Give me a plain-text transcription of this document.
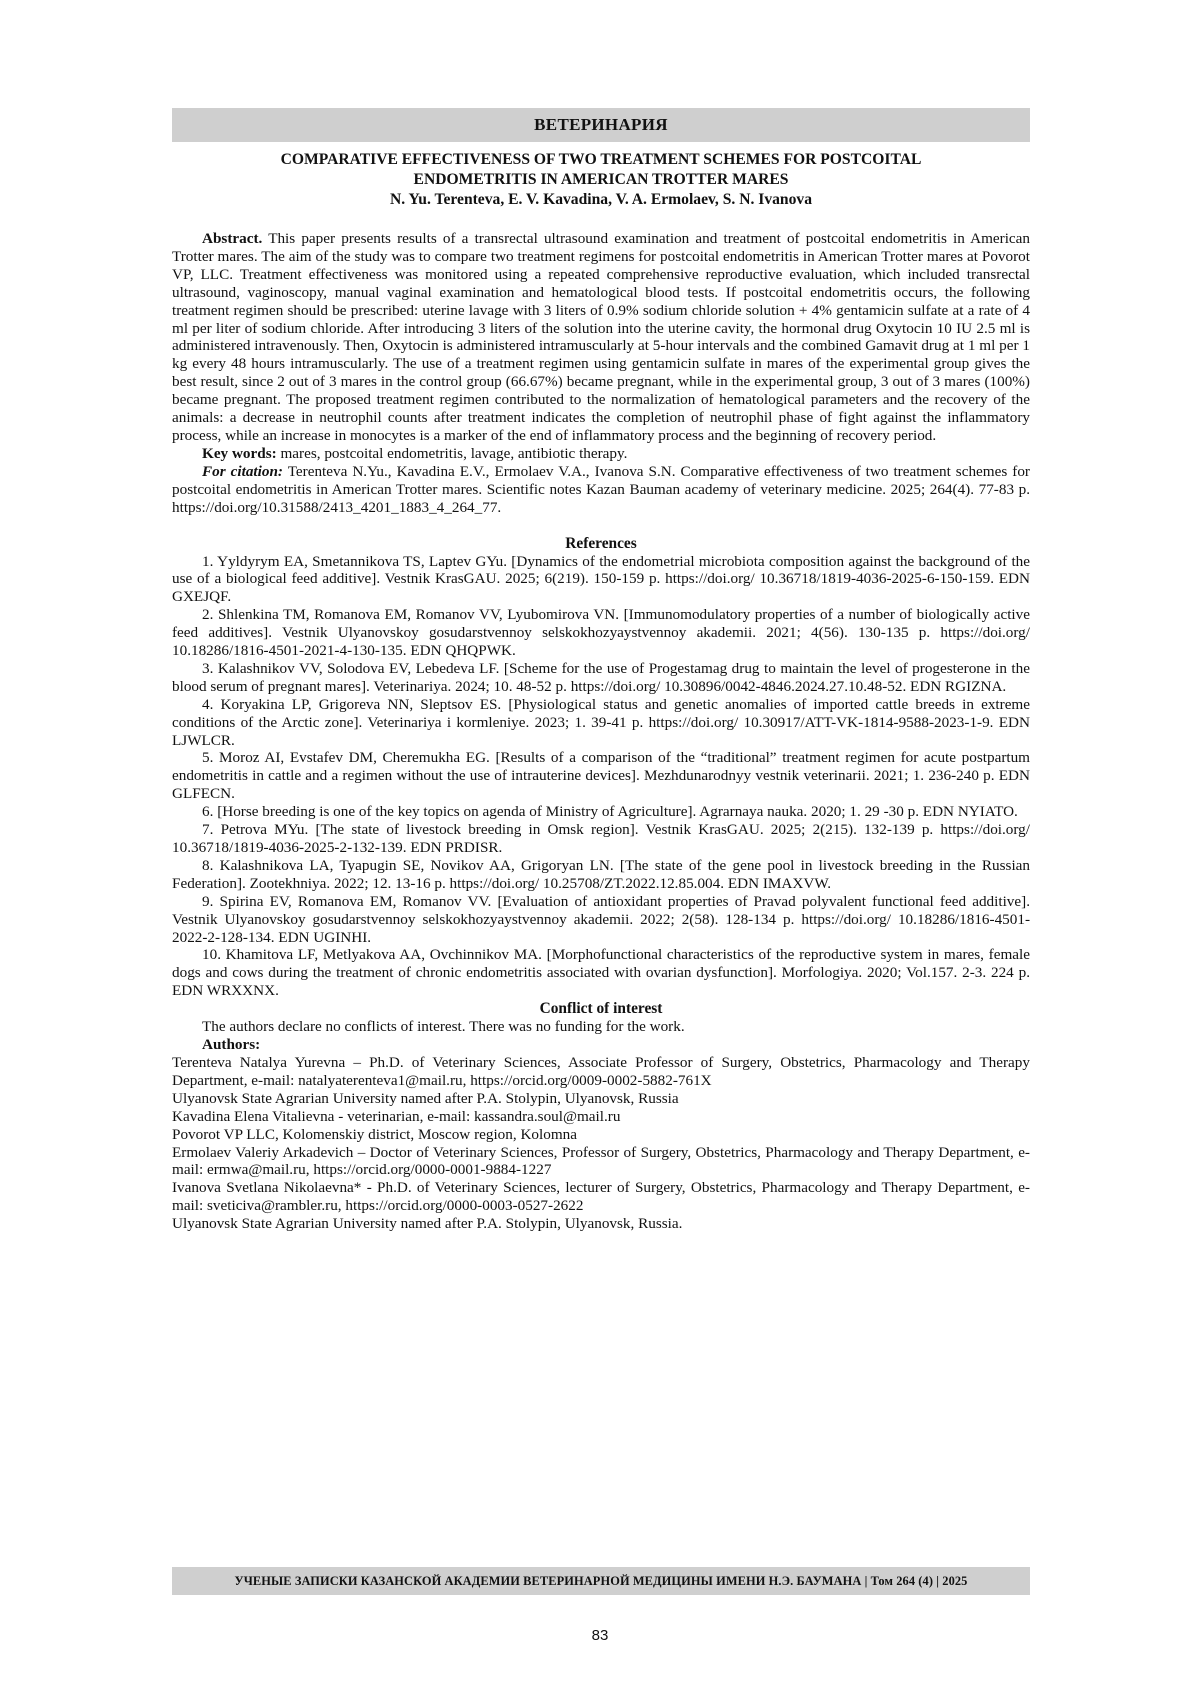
ВЕТЕРИНАРИЯ
COMPARATIVE EFFECTIVENESS OF TWO TREATMENT SCHEMES FOR POSTCOITAL
ENDOMETRITIS IN AMERICAN TROTTER MARES
N. Yu. Terenteva, E. V. Kavadina, V. A. Ermolaev, S. N. Ivanova

Abstract. This paper presents results of a transrectal ultrasound examination and treatment of postcoital endometritis in American Trotter mares. The aim of the study was to compare two treatment regimens for postcoital endometritis in American Trotter mares at Povorot VP, LLC. Treatment effectiveness was monitored using a repeated comprehensive reproductive evaluation, which included transrectal ultrasound, vaginoscopy, manual vaginal examination and hematological blood tests. If postcoital endometritis occurs, the following treatment regimen should be prescribed: uterine lavage with 3 liters of 0.9% sodium chloride solution + 4% gentamicin sulfate at a rate of 4 ml per liter of sodium chloride. After introducing 3 liters of the solution into the uterine cavity, the hormonal drug Oxytocin 10 IU 2.5 ml is administered intravenously. Then, Oxytocin is administered intramuscularly at 5-hour intervals and the combined Gamavit drug at 1 ml per 1 kg every 48 hours intramuscularly. The use of a treatment regimen using gentamicin sulfate in mares of the experimental group gives the best result, since 2 out of 3 mares in the control group (66.67%) became pregnant, while in the experimental group, 3 out of 3 mares (100%) became pregnant. The proposed treatment regimen contributed to the normalization of hematological parameters and the recovery of the animals: a decrease in neutrophil counts after treatment indicates the completion of neutrophil phase of fight against the inflammatory process, while an increase in monocytes is a marker of the end of inflammatory process and the beginning of recovery period.

Key words: mares, postcoital endometritis, lavage, antibiotic therapy.

For citation: Terenteva N.Yu., Kavadina E.V., Ermolaev V.A., Ivanova S.N. Comparative effectiveness of two treatment schemes for postcoital endometritis in American Trotter mares. Scientific notes Kazan Bauman academy of veterinary medicine. 2025; 264(4). 77-83 p. https://doi.org/10.31588/2413_4201_1883_4_264_77.

References

1. Yyldyrym EA, Smetannikova TS, Laptev GYu. [Dynamics of the endometrial microbiota composition against the background of the use of a biological feed additive]. Vestnik KrasGAU. 2025; 6(219). 150-159 p. https://doi.org/ 10.36718/1819-4036-2025-6-150-159. EDN GXEJQF.

2. Shlenkina TM, Romanova EM, Romanov VV, Lyubomirova VN. [Immunomodulatory properties of a number of biologically active feed additives]. Vestnik Ulyanovskoy gosudarstvennoy selskokhozyaystvennoy akademii. 2021; 4(56). 130-135 p. https://doi.org/ 10.18286/1816-4501-2021-4-130-135. EDN QHQPWK.

3. Kalashnikov VV, Solodova EV, Lebedeva LF. [Scheme for the use of Progestamag drug to maintain the level of progesterone in the blood serum of pregnant mares]. Veterinariya. 2024; 10. 48-52 p. https://doi.org/ 10.30896/0042-4846.2024.27.10.48-52. EDN RGIZNA.

4. Koryakina LP, Grigoreva NN, Sleptsov ES. [Physiological status and genetic anomalies of imported cattle breeds in extreme conditions of the Arctic zone]. Veterinariya i kormleniye. 2023; 1. 39-41 p. https://doi.org/ 10.30917/ATT-VK-1814-9588-2023-1-9. EDN LJWLCR.

5. Moroz AI, Evstafev DM, Cheremukha EG. [Results of a comparison of the “traditional” treatment regimen for acute postpartum endometritis in cattle and a regimen without the use of intrauterine devices]. Mezhdunarodnyy vestnik veterinarii. 2021; 1. 236-240 p. EDN GLFECN.

6. [Horse breeding is one of the key topics on agenda of Ministry of Agriculture]. Agrarnaya nauka. 2020; 1. 29 -30 p. EDN NYIATO.

7. Petrova MYu. [The state of livestock breeding in Omsk region]. Vestnik KrasGAU. 2025; 2(215). 132-139 p. https://doi.org/ 10.36718/1819-4036-2025-2-132-139. EDN PRDISR.

8. Kalashnikova LA, Tyapugin SE, Novikov AA, Grigoryan LN. [The state of the gene pool in livestock breeding in the Russian Federation]. Zootekhniya. 2022; 12. 13-16 p. https://doi.org/ 10.25708/ZT.2022.12.85.004. EDN IMAXVW.

9. Spirina EV, Romanova EM, Romanov VV. [Evaluation of antioxidant properties of Pravad polyvalent functional feed additive]. Vestnik Ulyanovskoy gosudarstvennoy selskokhozyaystvennoy akademii. 2022; 2(58). 128-134 p. https://doi.org/ 10.18286/1816-4501-2022-2-128-134. EDN UGINHI.

10. Khamitova LF, Metlyakova AA, Ovchinnikov MA. [Morphofunctional characteristics of the reproductive system in mares, female dogs and cows during the treatment of chronic endometritis associated with ovarian dysfunction]. Morfologiya. 2020; Vol.157. 2-3. 224 p. EDN WRXXNX.

Conflict of interest

The authors declare no conflicts of interest. There was no funding for the work.

Authors:

Terenteva Natalya Yurevna – Ph.D. of Veterinary Sciences, Associate Professor of Surgery, Obstetrics, Pharmacology and Therapy Department, e-mail: natalyaterenteva1@mail.ru, https://orcid.org/0009-0002-5882-761X

Ulyanovsk State Agrarian University named after P.A. Stolypin, Ulyanovsk, Russia

Kavadina Elena Vitalievna - veterinarian, e-mail: kassandra.soul@mail.ru

Povorot VP LLC, Kolomenskiy district, Moscow region, Kolomna

Ermolaev Valeriy Arkadevich – Doctor of Veterinary Sciences, Professor of Surgery, Obstetrics, Pharmacology and Therapy Department, e-mail: ermwa@mail.ru, https://orcid.org/0000-0001-9884-1227

Ivanova Svetlana Nikolaevna* - Ph.D. of Veterinary Sciences, lecturer of Surgery, Obstetrics, Pharmacology and Therapy Department, e-mail: sveticiva@rambler.ru, https://orcid.org/0000-0003-0527-2622

Ulyanovsk State Agrarian University named after P.A. Stolypin, Ulyanovsk, Russia.

УЧЕНЫЕ ЗАПИСКИ КАЗАНСКОЙ АКАДЕМИИ ВЕТЕРИНАРНОЙ МЕДИЦИНЫ ИМЕНИ Н.Э. БАУМАНА | Том 264 (4) | 2025
83
